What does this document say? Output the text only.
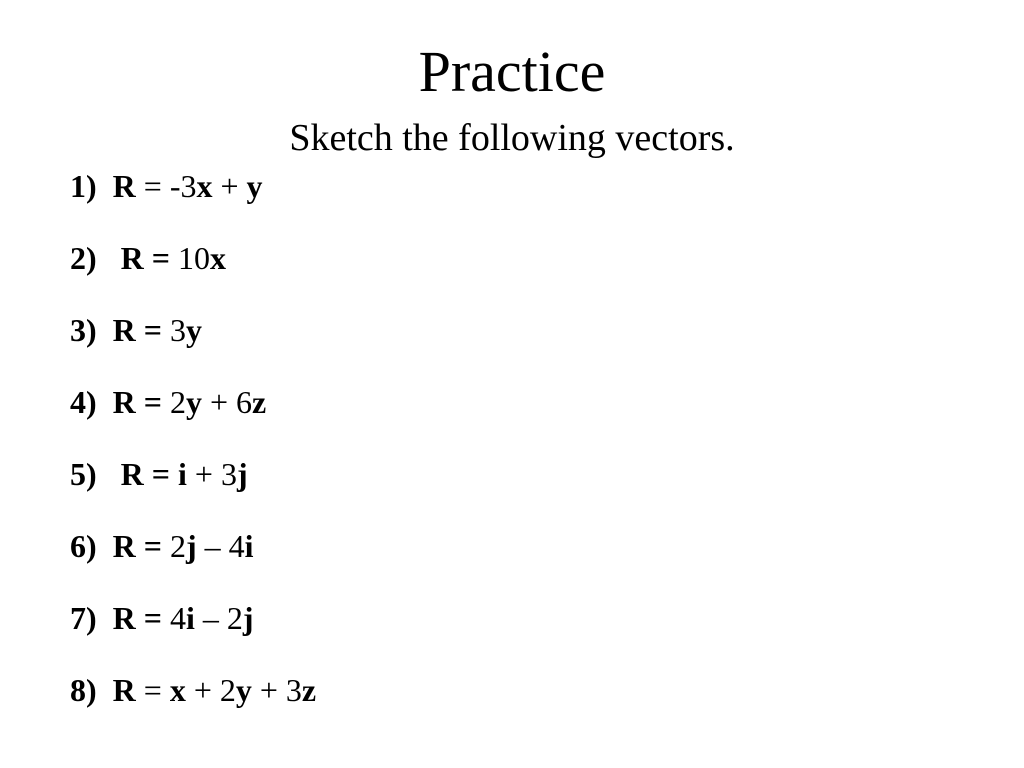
Practice

Sketch the following vectors.

1) R = -3x + y
2)   R = 10x
3) R = 3y
4) R = 2y + 6z
5)   R = i + 3j
6) R = 2j – 4i
7) R = 4i – 2j
8) R = x + 2y + 3z
